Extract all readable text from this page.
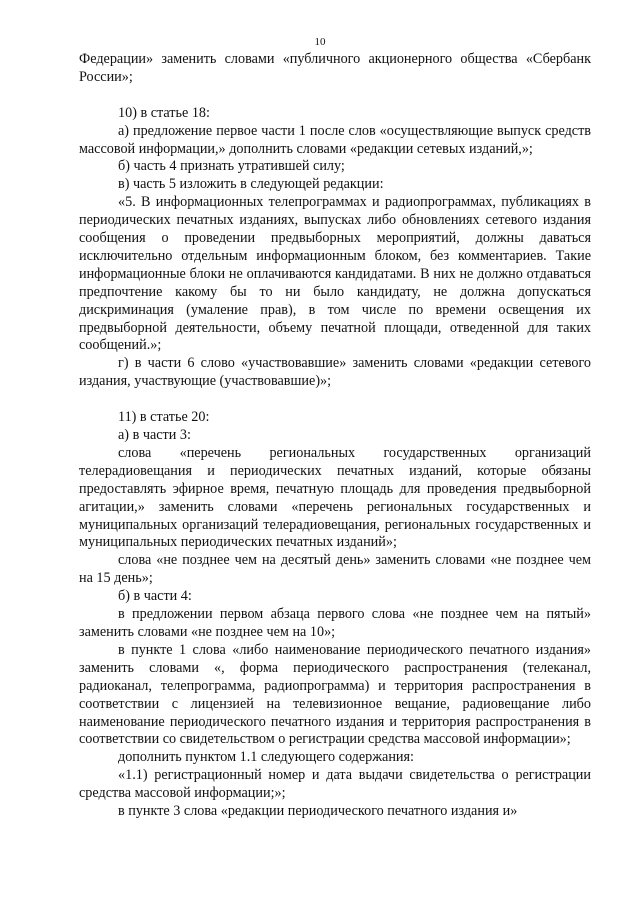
10

Федерации» заменить словами «публичного акционерного общества «Сбербанк России»;

10) в статье 18:

а) предложение первое части 1 после слов «осуществляющие выпуск средств массовой информации,» дополнить словами «редакции сетевых изданий,»;

б) часть 4 признать утратившей силу;

в) часть 5 изложить в следующей редакции:

«5. В информационных телепрограммах и радиопрограммах, публикациях в периодических печатных изданиях, выпусках либо обновлениях сетевого издания сообщения о проведении предвыборных мероприятий, должны даваться исключительно отдельным информационным блоком, без комментариев. Такие информационные блоки не оплачиваются кандидатами. В них не должно отдаваться предпочтение какому бы то ни было кандидату, не должна допускаться дискриминация (умаление прав), в том числе по времени освещения их предвыборной деятельности, объему печатной площади, отведенной для таких сообщений.»;

г) в части 6 слово «участвовавшие» заменить словами «редакции сетевого издания, участвующие (участвовавшие)»;

11) в статье 20:

а) в части 3:

слова «перечень региональных государственных организаций телерадиовещания и периодических печатных изданий, которые обязаны предоставлять эфирное время, печатную площадь для проведения предвыборной агитации,» заменить словами «перечень региональных государственных и муниципальных организаций телерадиовещания, региональных государственных и муниципальных периодических печатных изданий»;

слова «не позднее чем на десятый день» заменить словами «не позднее чем на 15 день»;

б) в части 4:

в предложении первом абзаца первого слова «не позднее чем на пятый» заменить словами «не позднее чем на 10»;

в пункте 1 слова «либо наименование периодического печатного издания» заменить словами «, форма периодического распространения (телеканал, радиоканал, телепрограмма, радиопрограмма) и территория распространения в соответствии с лицензией на телевизионное вещание, радиовещание либо наименование периодического печатного издания и территория распространения в соответствии со свидетельством о регистрации средства массовой информации»;

дополнить пунктом 1.1 следующего содержания:

«1.1) регистрационный номер и дата выдачи свидетельства о регистрации средства массовой информации;»;

в пункте 3 слова «редакции периодического печатного издания и»
